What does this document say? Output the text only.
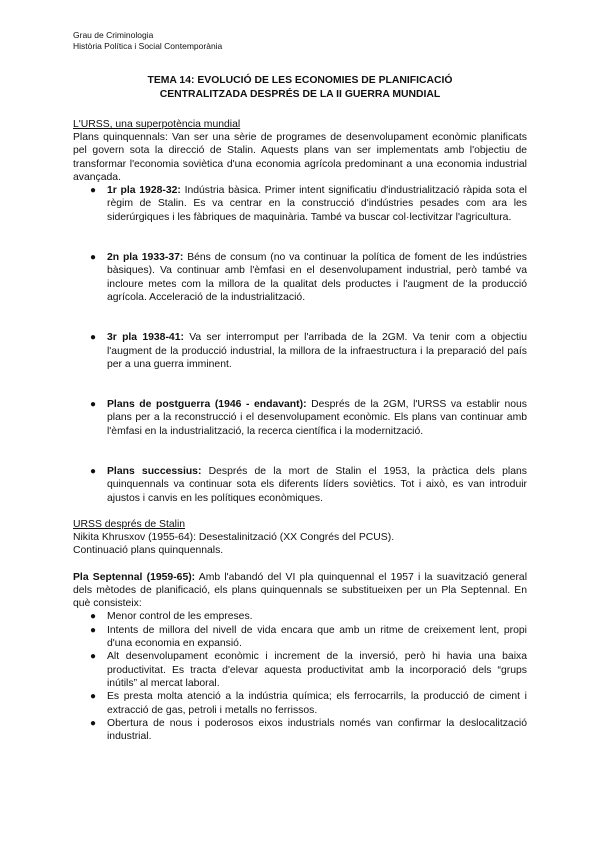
Grau de Criminologia
Història Política i Social Contemporània
TEMA 14: EVOLUCIÓ DE LES ECONOMIES DE PLANIFICACIÓ
CENTRALITZADA DESPRÉS DE LA II GUERRA MUNDIAL
L'URSS, una superpotència mundial

Plans quinquennals: Van ser una sèrie de programes de desenvolupament econòmic planificats pel govern sota la direcció de Stalin. Aquests plans van ser implementats amb l'objectiu de transformar l'economia soviètica d'una economia agrícola predominant a una economia industrial avançada.

● 1r pla 1928-32: Indústria bàsica. Primer intent significatiu d'industrialització ràpida sota el règim de Stalin. Es va centrar en la construcció d'indústries pesades com ara les siderúrgiques i les fàbriques de maquinària. També va buscar col·lectivitzar l'agricultura.
● 2n pla 1933-37: Béns de consum (no va continuar la política de foment de les indústries bàsiques). Va continuar amb l'èmfasi en el desenvolupament industrial, però també va incloure metes com la millora de la qualitat dels productes i l'augment de la producció agrícola. Acceleració de la industrialització.
● 3r pla 1938-41: Va ser interromput per l'arribada de la 2GM. Va tenir com a objectiu l'augment de la producció industrial, la millora de la infraestructura i la preparació del país per a una guerra imminent.
● Plans de postguerra (1946 - endavant): Després de la 2GM, l'URSS va establir nous plans per a la reconstrucció i el desenvolupament econòmic. Els plans van continuar amb l'èmfasi en la industrialització, la recerca científica i la modernització.
● Plans successius: Després de la mort de Stalin el 1953, la pràctica dels plans quinquennals va continuar sota els diferents líders soviètics. Tot i això, es van introduir ajustos i canvis en les polítiques econòmiques.
URSS després de Stalin

Nikita Khrusxov (1955-64): Desestalinització (XX Congrés del PCUS).

Continuació plans quinquennals.

Pla Septennal (1959-65): Amb l'abandó del VI pla quinquennal el 1957 i la suavització general dels mètodes de planificació, els plans quinquennals se substitueixen per un Pla Septennal. En què consisteix:

● Menor control de les empreses.
● Intents de millora del nivell de vida encara que amb un ritme de creixement lent, propi d'una economia en expansió.
● Alt desenvolupament econòmic i increment de la inversió, però hi havia una baixa productivitat. Es tracta d'elevar aquesta productivitat amb la incorporació dels “grups inútils” al mercat laboral.
● Es presta molta atenció a la indústria química; els ferrocarrils, la producció de ciment i extracció de gas, petroli i metalls no ferrissos.
● Obertura de nous i poderosos eixos industrials només van confirmar la deslocalització industrial.
